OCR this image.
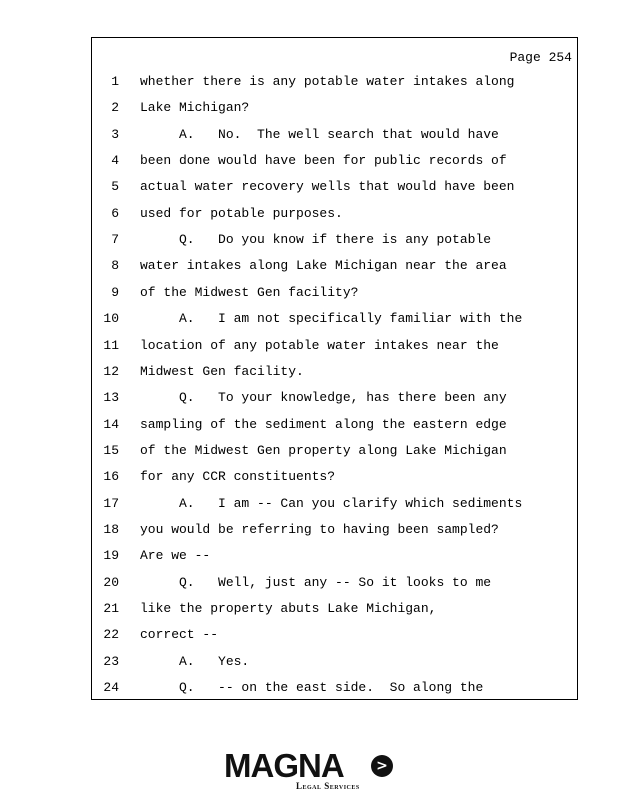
Page 254
1 whether there is any potable water intakes along
2 Lake Michigan?
3 A.   No.  The well search that would have
4 been done would have been for public records of
5 actual water recovery wells that would have been
6 used for potable purposes.
7 Q.   Do you know if there is any potable
8 water intakes along Lake Michigan near the area
9 of the Midwest Gen facility?
10 A.   I am not specifically familiar with the
11 location of any potable water intakes near the
12 Midwest Gen facility.
13 Q.   To your knowledge, has there been any
14 sampling of the sediment along the eastern edge
15 of the Midwest Gen property along Lake Michigan
16 for any CCR constituents?
17 A.   I am -- Can you clarify which sediments
18 you would be referring to having been sampled?
19 Are we --
20 Q.   Well, just any -- So it looks to me
21 like the property abuts Lake Michigan,
22 correct --
23 A.   Yes.
24 Q.   -- on the east side.  So along the
MAGNA	>
Legal Services
